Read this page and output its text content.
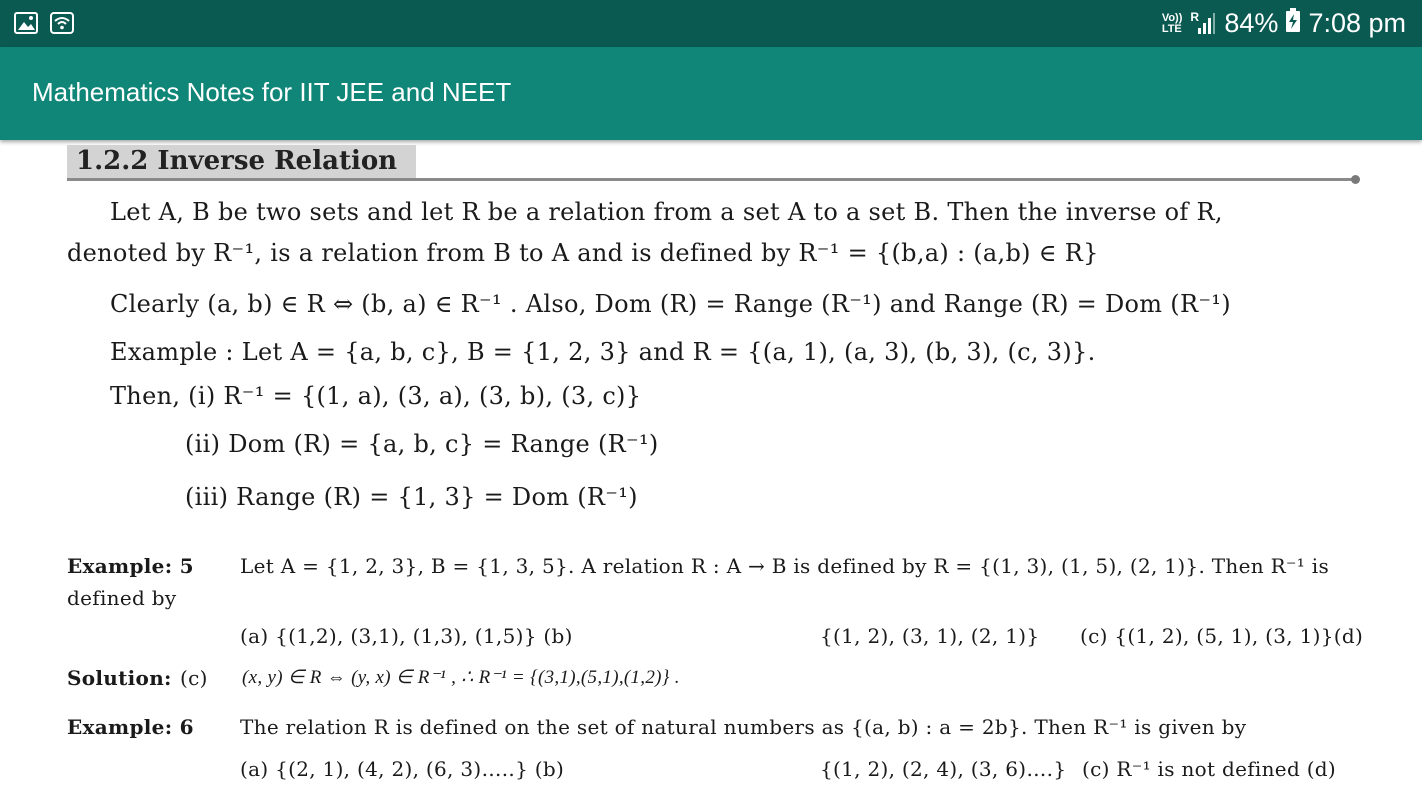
Vo))
LTE
R 84% 7:08 pm
Mathematics Notes for IIT JEE and NEET
1.2.2 Inverse Relation
Let A, B be two sets and let R be a relation from a set A to a set B. Then the inverse of R,
denoted by R⁻¹, is a relation from B to A and is defined by R⁻¹ = {(b,a) : (a,b) ∈ R}
Clearly (a, b) ∈ R ⇔ (b, a) ∈ R⁻¹ . Also, Dom (R) = Range (R⁻¹) and Range (R) = Dom (R⁻¹)
Example : Let A = {a, b, c}, B = {1, 2, 3} and R = {(a, 1), (a, 3), (b, 3), (c, 3)}.
Then, (i) R⁻¹ = {(1, a), (3, a), (3, b), (3, c)}
(ii) Dom (R) = {a, b, c} = Range (R⁻¹)
(iii) Range (R) = {1, 3} = Dom (R⁻¹)
Example: 5 Let A = {1, 2, 3}, B = {1, 3, 5}. A relation R : A → B is defined by R = {(1, 3), (1, 5), (2, 1)}. Then R⁻¹ is
defined by
(a) {(1,2), (3,1), (1,3), (1,5)} (b)	{(1, 2), (3, 1), (2, 1)} (c) {(1, 2), (5, 1), (3, 1)}(d)
Solution: (c) (x, y) ∈ R ⇔ (y, x) ∈ R⁻¹ , ∴ R⁻¹ = {(3,1),(5,1),(1,2)} .
Example: 6 The relation R is defined on the set of natural numbers as {(a, b) : a = 2b}. Then R⁻¹ is given by
(a) {(2, 1), (4, 2), (6, 3)…..} (b)	{(1, 2), (2, 4), (3, 6)….} (c) R⁻¹ is not defined (d)
